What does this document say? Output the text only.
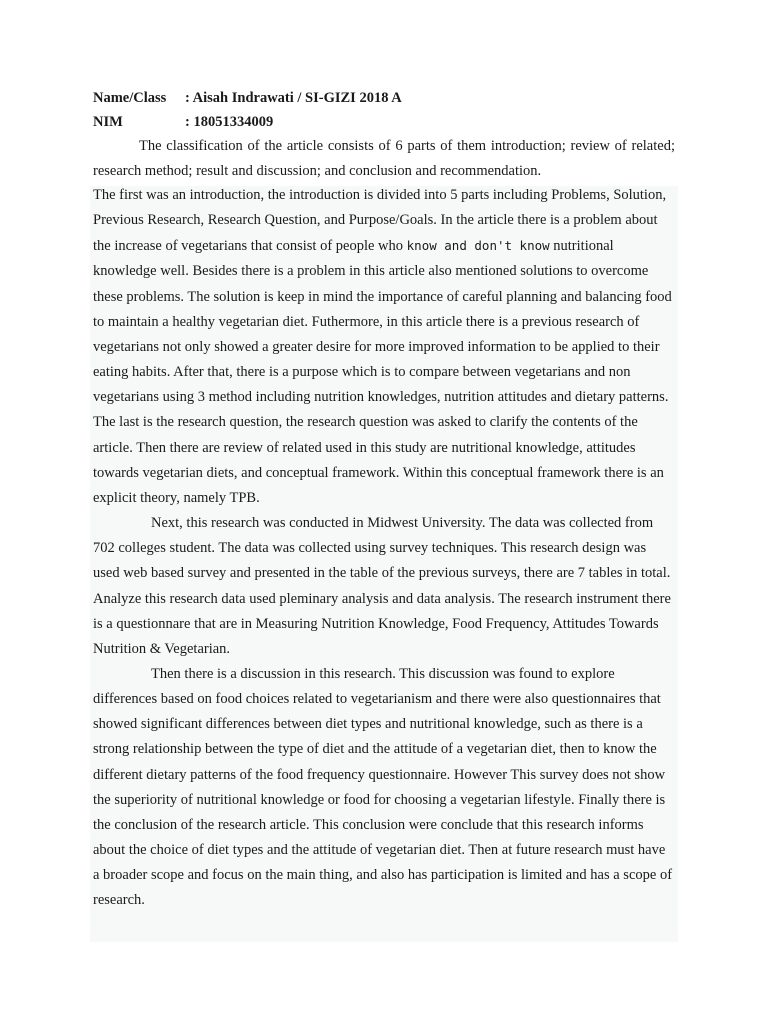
Name/Class	: Aisah Indrawati / SI-GIZI 2018 A
NIM	: 18051334009

The classification of the article consists of 6 parts of them introduction; review of related; research method; result and discussion; and conclusion and recommendation.

The first was an introduction, the introduction is divided into 5 parts including Problems, Solution, Previous Research, Research Question, and Purpose/Goals. In the article there is a problem about the increase of vegetarians that consist of people who know and don't know nutritional knowledge well. Besides there is a problem in this article also mentioned solutions to overcome these problems. The solution is keep in mind the importance of careful planning and balancing food to maintain a healthy vegetarian diet. Futhermore, in this article there is a previous research of vegetarians not only showed a greater desire for more improved information to be applied to their eating habits. After that, there is a purpose which is to compare between vegetarians and non vegetarians using 3 method including nutrition knowledges, nutrition attitudes and dietary patterns. The last is the research question, the research question was asked to clarify the contents of the article. Then there are review of related used in this study are nutritional knowledge, attitudes towards vegetarian diets, and conceptual framework. Within this conceptual framework there is an explicit theory, namely TPB.

Next, this research was conducted in Midwest University. The data was collected from 702 colleges student. The data was collected using survey techniques. This research design was used web based survey and presented in the table of the previous surveys, there are 7 tables in total. Analyze this research data used pleminary analysis and data analysis. The research instrument there is a questionnare that are in Measuring Nutrition Knowledge, Food Frequency, Attitudes Towards Nutrition & Vegetarian.

Then there is a discussion in this research. This discussion was found to explore differences based on food choices related to vegetarianism and there were also questionnaires that showed significant differences between diet types and nutritional knowledge, such as there is a strong relationship between the type of diet and the attitude of a vegetarian diet, then to know the different dietary patterns of the food frequency questionnaire. However This survey does not show the superiority of nutritional knowledge or food for choosing a vegetarian lifestyle. Finally there is the conclusion of the research article. This conclusion were conclude that this research informs about the choice of diet types and the attitude of vegetarian diet. Then at future research must have a broader scope and focus on the main thing, and also has participation is limited and has a scope of research.
